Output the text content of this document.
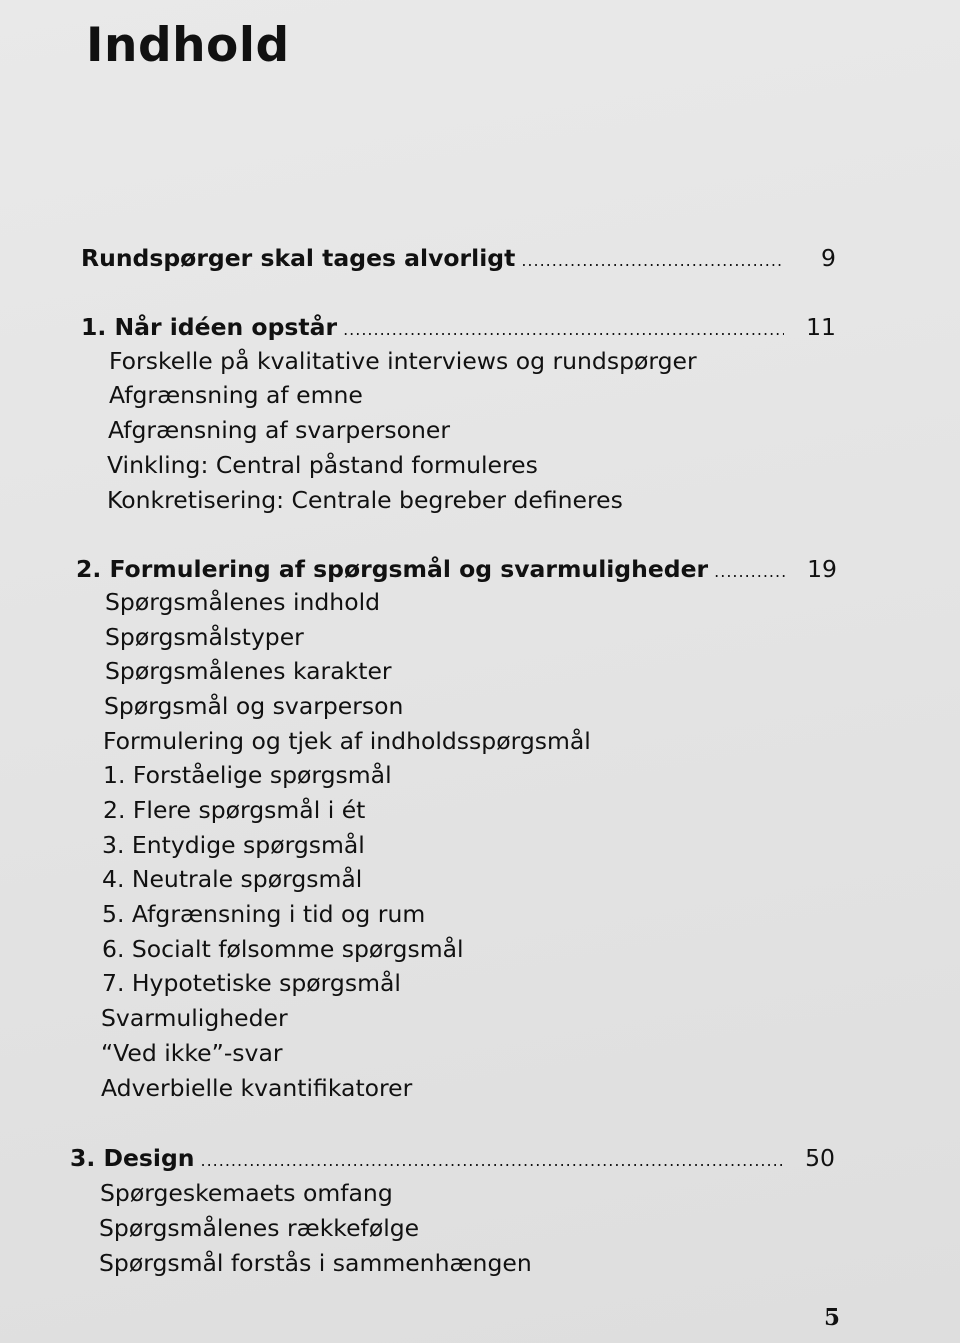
Indhold
Rundspørger skal tages alvorligt .....	9
1. Når idéen opstår .....	11
Forskelle på kvalitative interviews og rundspørger
Afgrænsning af emne
Afgrænsning af svarpersoner
Vinkling: Central påstand formuleres
Konkretisering: Centrale begreber defineres
2. Formulering af spørgsmål og svarmuligheder .....	19
Spørgsmålenes indhold
Spørgsmålstyper
Spørgsmålenes karakter
Spørgsmål og svarperson
Formulering og tjek af indholdsspørgsmål
1. Forståelige spørgsmål
2. Flere spørgsmål i ét
3. Entydige spørgsmål
4. Neutrale spørgsmål
5. Afgrænsning i tid og rum
6. Socialt følsomme spørgsmål
7. Hypotetiske spørgsmål
Svarmuligheder
“Ved ikke”-svar
Adverbielle kvantifikatorer
3. Design .....	50
Spørgeskemaets omfang
Spørgsmålenes rækkefølge
Spørgsmål forstås i sammenhængen
5
